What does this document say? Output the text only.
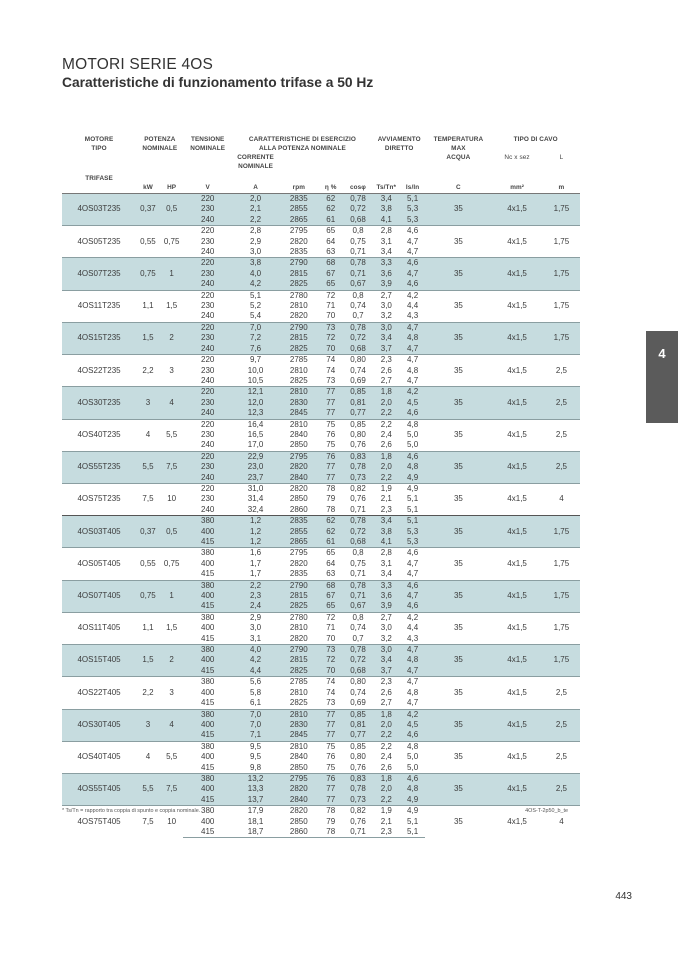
MOTORI SERIE 4OS
Caratteristiche di funzionamento trifase a 50 Hz
4
MOTORE	POTENZA		TENSIONE	CARATTERISTICHE DI ESERCIZIO				AVVIAMENTO		TEMPERATURA	TIPO DI CAVO	
TIPO	NOMINALE		NOMINALE	ALLA POTENZA NOMINALE				DIRETTO		MAX		
				CORRENTE						ACQUA	Nc x sez	L
				NOMINALE								
TRIFASE												
	kW	HP	V	A	rpm	η %	cosφ	Ts/Tn*	Is/In	C	mm²	m
4OS03T235	0,37	0,5	220	2,0	2835	62	0,78	3,4	5,1	35	4x1,5	1,75
			230	2,1	2855	62	0,72	3,8	5,3			
			240	2,2	2865	61	0,68	4,1	5,3			
4OS05T235	0,55	0,75	220	2,8	2795	65	0,8	2,8	4,6	35	4x1,5	1,75
			230	2,9	2820	64	0,75	3,1	4,7			
			240	3,0	2835	63	0,71	3,4	4,7			
4OS07T235	0,75	1	220	3,8	2790	68	0,78	3,3	4,6	35	4x1,5	1,75
			230	4,0	2815	67	0,71	3,6	4,7			
			240	4,2	2825	65	0,67	3,9	4,6			
4OS11T235	1,1	1,5	220	5,1	2780	72	0,8	2,7	4,2	35	4x1,5	1,75
			230	5,2	2810	71	0,74	3,0	4,4			
			240	5,4	2820	70	0,7	3,2	4,3			
4OS15T235	1,5	2	220	7,0	2790	73	0,78	3,0	4,7	35	4x1,5	1,75
			230	7,2	2815	72	0,72	3,4	4,8			
			240	7,6	2825	70	0,68	3,7	4,7			
4OS22T235	2,2	3	220	9,7	2785	74	0,80	2,3	4,7	35	4x1,5	2,5
			230	10,0	2810	74	0,74	2,6	4,8			
			240	10,5	2825	73	0,69	2,7	4,7			
4OS30T235	3	4	220	12,1	2810	77	0,85	1,8	4,2	35	4x1,5	2,5
			230	12,0	2830	77	0,81	2,0	4,5			
			240	12,3	2845	77	0,77	2,2	4,6			
4OS40T235	4	5,5	220	16,4	2810	75	0,85	2,2	4,8	35	4x1,5	2,5
			230	16,5	2840	76	0,80	2,4	5,0			
			240	17,0	2850	75	0,76	2,6	5,0			
4OS55T235	5,5	7,5	220	22,9	2795	76	0,83	1,8	4,6	35	4x1,5	2,5
			230	23,0	2820	77	0,78	2,0	4,8			
			240	23,7	2840	77	0,73	2,2	4,9			
4OS75T235	7,5	10	220	31,0	2820	78	0,82	1,9	4,9	35	4x1,5	4
			230	31,4	2850	79	0,76	2,1	5,1			
			240	32,4	2860	78	0,71	2,3	5,1			
4OS03T405	0,37	0,5	380	1,2	2835	62	0,78	3,4	5,1	35	4x1,5	1,75
			400	1,2	2855	62	0,72	3,8	5,3			
			415	1,2	2865	61	0,68	4,1	5,3			
4OS05T405	0,55	0,75	380	1,6	2795	65	0,8	2,8	4,6	35	4x1,5	1,75
			400	1,7	2820	64	0,75	3,1	4,7			
			415	1,7	2835	63	0,71	3,4	4,7			
4OS07T405	0,75	1	380	2,2	2790	68	0,78	3,3	4,6	35	4x1,5	1,75
			400	2,3	2815	67	0,71	3,6	4,7			
			415	2,4	2825	65	0,67	3,9	4,6			
4OS11T405	1,1	1,5	380	2,9	2780	72	0,8	2,7	4,2	35	4x1,5	1,75
			400	3,0	2810	71	0,74	3,0	4,4			
			415	3,1	2820	70	0,7	3,2	4,3			
4OS15T405	1,5	2	380	4,0	2790	73	0,78	3,0	4,7	35	4x1,5	1,75
			400	4,2	2815	72	0,72	3,4	4,8			
			415	4,4	2825	70	0,68	3,7	4,7			
4OS22T405	2,2	3	380	5,6	2785	74	0,80	2,3	4,7	35	4x1,5	2,5
			400	5,8	2810	74	0,74	2,6	4,8			
			415	6,1	2825	73	0,69	2,7	4,7			
4OS30T405	3	4	380	7,0	2810	77	0,85	1,8	4,2	35	4x1,5	2,5
			400	7,0	2830	77	0,81	2,0	4,5			
			415	7,1	2845	77	0,77	2,2	4,6			
4OS40T405	4	5,5	380	9,5	2810	75	0,85	2,2	4,8	35	4x1,5	2,5
			400	9,5	2840	76	0,80	2,4	5,0			
			415	9,8	2850	75	0,76	2,6	5,0			
4OS55T405	5,5	7,5	380	13,2	2795	76	0,83	1,8	4,6	35	4x1,5	2,5
			400	13,3	2820	77	0,78	2,0	4,8			
			415	13,7	2840	77	0,73	2,2	4,9			
4OS75T405	7,5	10	380	17,9	2820	78	0,82	1,9	4,9	35	4x1,5	4
			400	18,1	2850	79	0,76	2,1	5,1			
			415	18,7	2860	78	0,71	2,3	5,1			
* Ts/Tn = rapporto tra coppia di spunto e coppia nominale.	4OS-T-2p50_b_te
443
